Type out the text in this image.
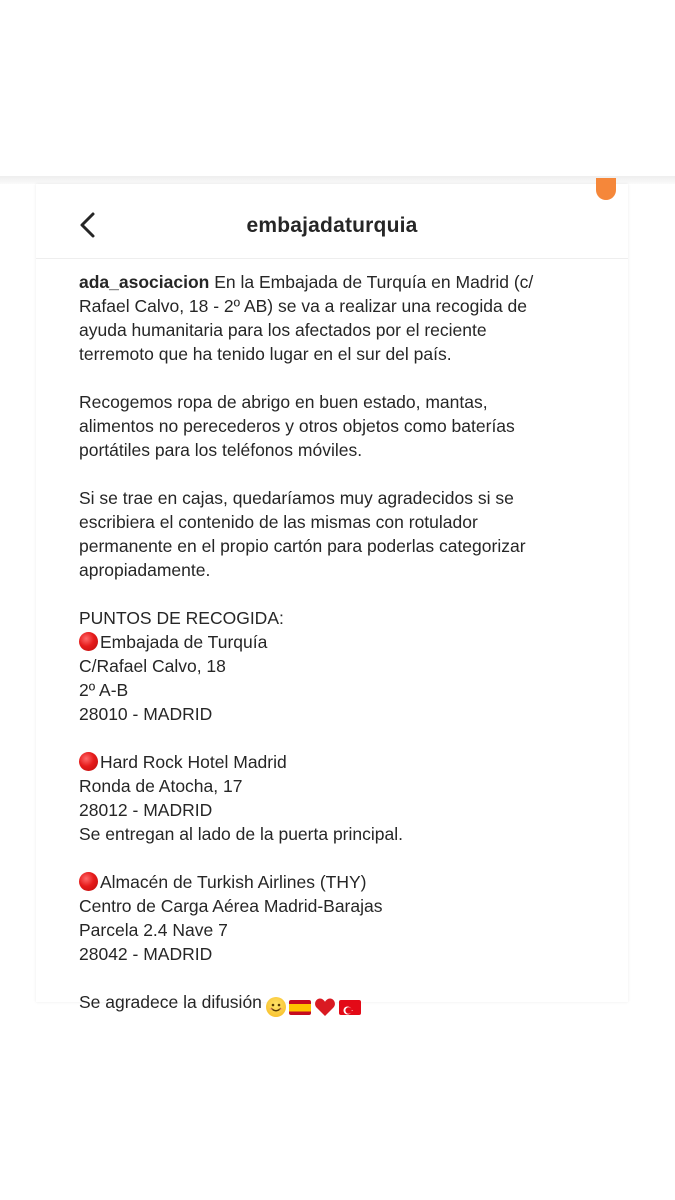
embajadaturquia
ada_asociacion En la Embajada de Turquía en Madrid (c/
Rafael Calvo, 18 - 2º AB) se va a realizar una recogida de
ayuda humanitaria para los afectados por el reciente
terremoto que ha tenido lugar en el sur del país.
Recogemos ropa de abrigo en buen estado, mantas,
alimentos no perecederos y otros objetos como baterías
portátiles para los teléfonos móviles.
Si se trae en cajas, quedaríamos muy agradecidos si se
escribiera el contenido de las mismas con rotulador
permanente en el propio cartón para poderlas categorizar
apropiadamente.
PUNTOS DE RECOGIDA:
Embajada de Turquía
C/Rafael Calvo, 18
2º A-B
28010 - MADRID
Hard Rock Hotel Madrid
Ronda de Atocha, 17
28012 - MADRID
Se entregan al lado de la puerta principal.
Almacén de Turkish Airlines (THY)
Centro de Carga Aérea Madrid-Barajas
Parcela 2.4 Nave 7
28042 - MADRID
Se agradece la difusión
